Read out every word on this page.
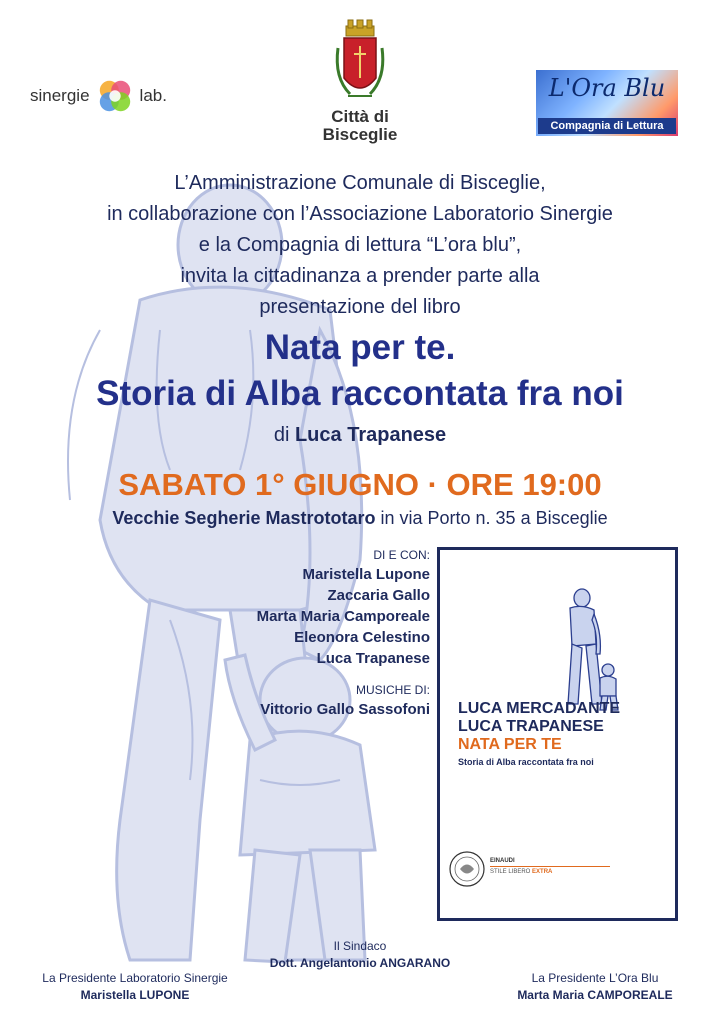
sinergie	lab.
Città di
Bisceglie
L'Ora Blu
Compagnia di Lettura
L’Amministrazione Comunale di Bisceglie,
in collaborazione con l’Associazione Laboratorio Sinergie
e la Compagnia di lettura “L’ora blu”,
invita la cittadinanza a prender parte alla
presentazione del libro
Nata per te.
Storia di Alba raccontata fra noi
di Luca Trapanese
SABATO 1° GIUGNO · ORE 19:00
Vecchie Segherie Mastrototaro in via Porto n. 35 a Bisceglie
DI E CON:
Maristella Lupone
Zaccaria Gallo
Marta Maria Camporeale
Eleonora Celestino
Luca Trapanese
MUSICHE DI:
Vittorio Gallo Sassofoni LUCA MERCADANTE
LUCA TRAPANESE
NATA PER TE
Storia di Alba raccontata fra noi
EINAUDI
STILE LIBERO EXTRA
Il Sindaco
Dott. Angelantonio ANGARANO
La Presidente Laboratorio Sinergie
Maristella LUPONE
La Presidente L’Ora Blu
Marta Maria CAMPOREALE
